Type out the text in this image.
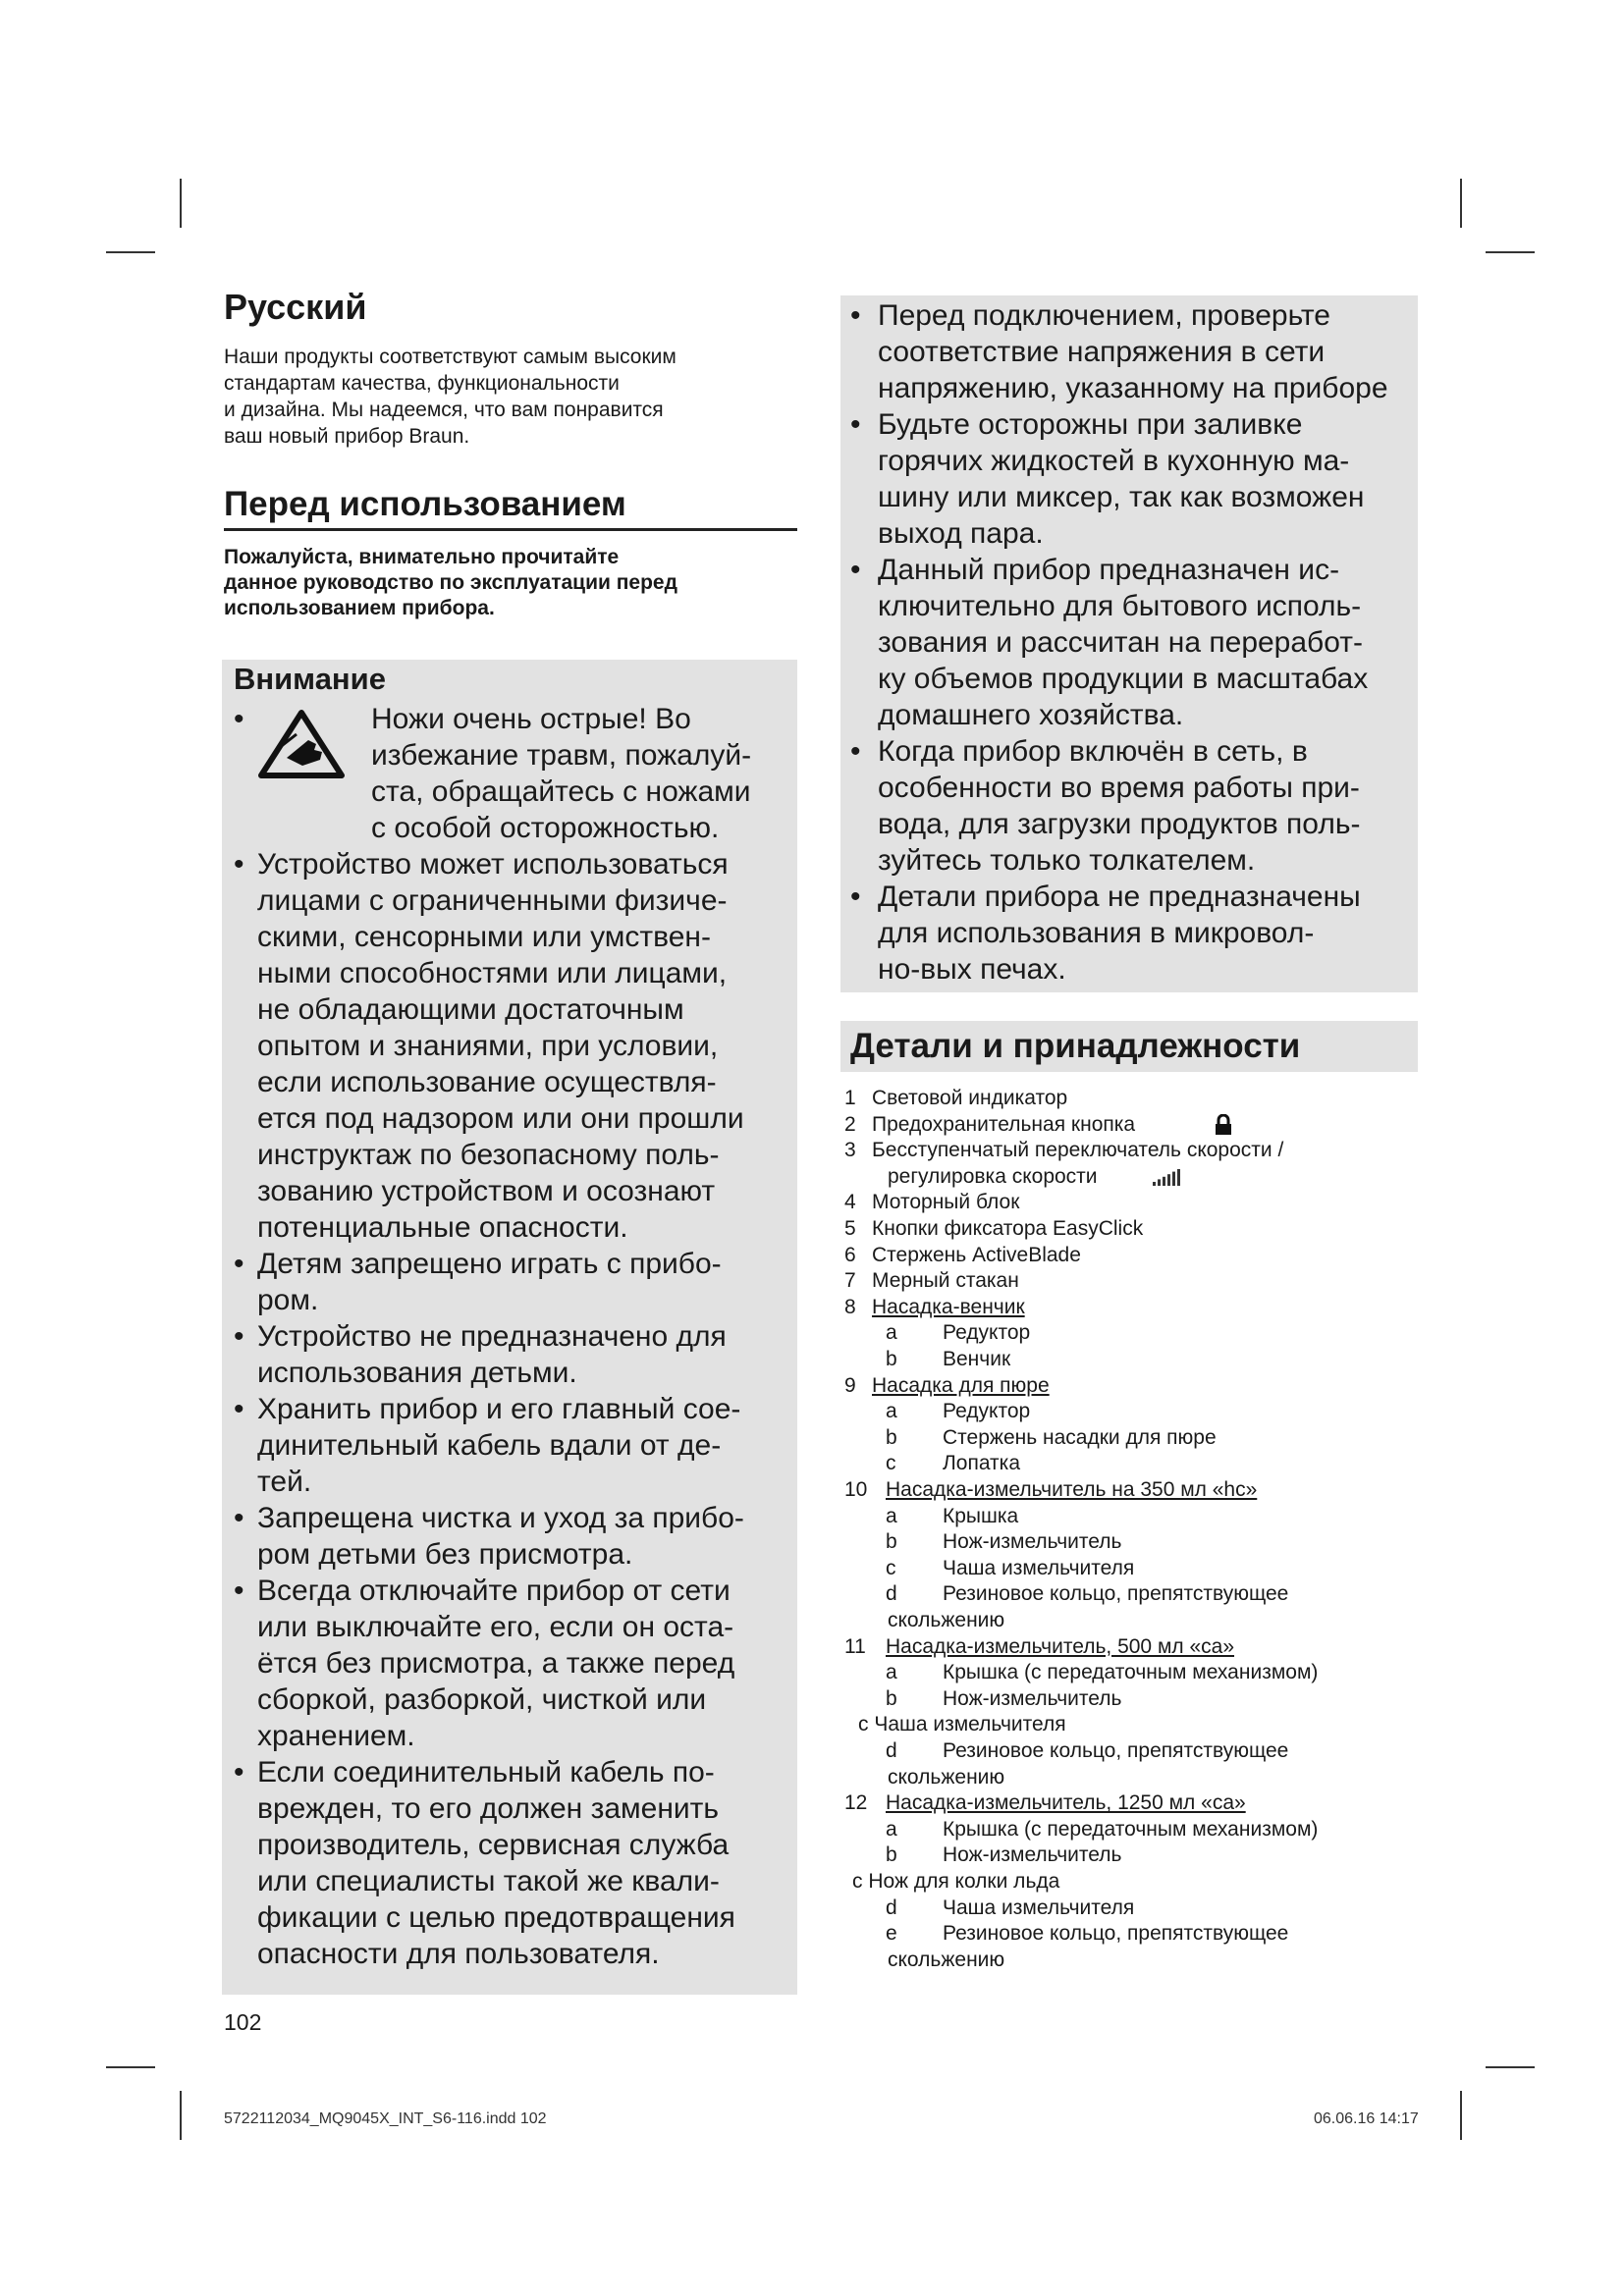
Русский
Наши продукты соответствуют самым высоким
стандартам качества, функциональности
и дизайна. Мы надеемся, что вам понравится
ваш новый прибор Braun.
Перед использованием
Пожалуйста, внимательно прочитайте
данное руководство по эксплуатации перед
использованием прибора.
Внимание
•	Ножи очень острые! Во
избежание травм, пожалуй-
ста, обращайтесь с ножами
с особой осторожностью.
• Устройство может использоваться
лицами с ограниченными физиче-
скими, сенсорными или умствен-
ными способностями или лицами,
не обладающими достаточным
опытом и знаниями, при условии,
если использование осуществля-
ется под надзором или они прошли
инструктаж по безопасному поль-
зованию устройством и осознают
потенциальные опасности.
• Детям запрещено играть с прибо-
ром.
• Устройство не предназначено для
использования детьми.
• Хранить прибор и его главный сое-
динительный кабель вдали от де-
тей.
• Запрещена чистка и уход за прибо-
ром детьми без присмотра.
• Всегда отключайте прибор от сети
или выключайте его, если он оста-
ётся без присмотра, а также перед
сборкой, разборкой, чисткой или
хранением.
• Если соединительный кабель по-
врежден, то его должен заменить
производитель, сервисная служба
или специалисты такой же квали-
фикации с целью предотвращения
опасности для пользователя.
• Перед подключением, проверьте
соответствие напряжения в сети
напряжению, указанному на приборе
• Будьте осторожны при заливке
горячих жидкостей в кухонную ма-
шину или миксер, так как возможен
выход пара.
• Данный прибор предназначен ис-
ключительно для бытового исполь-
зования и рассчитан на переработ-
ку объемов продукции в масштабах
домашнего хозяйства.
• Когда прибор включён в сеть, в
особенности во время работы при-
вода, для загрузки продуктов поль-
зуйтесь только толкателем.
• Детали прибора не предназначены
для использования в микровол-
но-вых печах.
Детали и принадлежности
1 Световой индикатор
2 Предохранительная кнопка
3 Бесступенчатый переключатель скорости /
регулировка скорости
4 Моторный блок
5 Кнопки фиксатора EasyClick
6 Стержень ActiveBlade
7 Мерный стакан
8 Насадка-венчик
a Редуктор
b Венчик
9 Насадка для пюре
a Редуктор
b Стержень насадки для пюре
c Лопатка
10 Насадка-измельчитель на 350 мл «hc»
a Крышка
b Нож-измельчитель
c Чаша измельчителя
d Резиновое кольцо, препятствующее
скольжению
11 Насадка-измельчитель, 500 мл «ca»
a Крышка (с передаточным механизмом)
b Нож-измельчитель
c Чаша измельчителя
d Резиновое кольцо, препятствующее
скольжению
12 Насадка-измельчитель, 1250 мл «ca»
a Крышка (с передаточным механизмом)
b Нож-измельчитель
c Нож для колки льда
d Чаша измельчителя
e Резиновое кольцо, препятствующее
скольжению
102
5722112034_MQ9045X_INT_S6-116.indd 102	06.06.16 14:17
